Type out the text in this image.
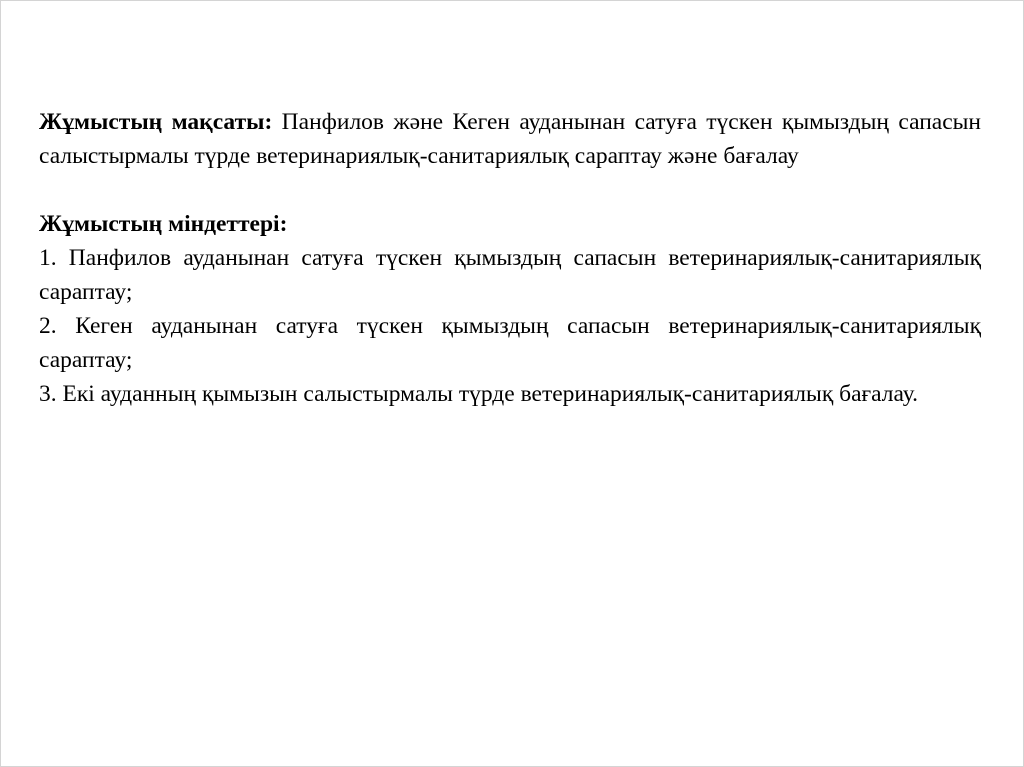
Жұмыстың мақсаты: Панфилов және Кеген ауданынан сатуға түскен қымыздың сапасын салыстырмалы түрде ветеринариялық-санитариялық сараптау және бағалау

Жұмыстың міндеттері:

1. Панфилов ауданынан сатуға түскен қымыздың сапасын ветеринариялық-санитариялық сараптау;

2. Кеген ауданынан сатуға түскен қымыздың сапасын ветеринариялық-санитариялық сараптау;

3. Екі ауданның қымызын салыстырмалы түрде ветеринариялық-санитариялық бағалау.
